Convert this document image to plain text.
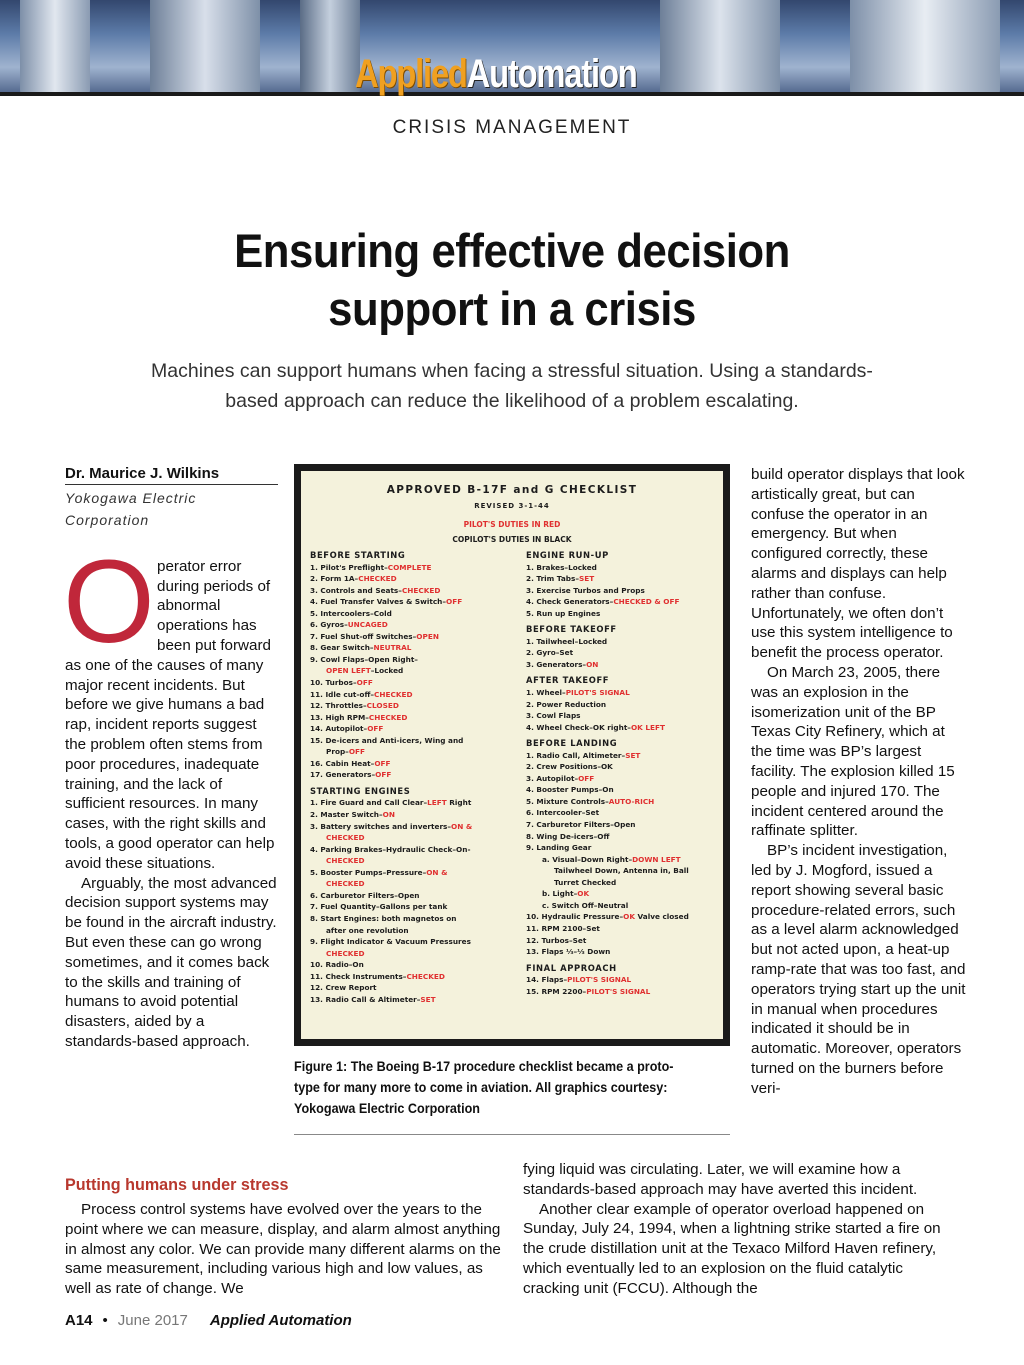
AppliedAutomation
CRISIS MANAGEMENT
Ensuring effective decision
support in a crisis
Machines can support humans when facing a stressful situation. Using a standards-
based approach can reduce the likelihood of a problem escalating.
Dr. Maurice J. Wilkins
Yokogawa Electric
Corporation
O perator error during periods of abnormal operations has been put forward as one of the causes of many major recent incidents. But before we give humans a bad rap, incident reports suggest the problem often stems from poor procedures, inadequate training, and the lack of sufficient resources. In many cases, with the right skills and tools, a good operator can help avoid these situations.

Arguably, the most advanced decision support systems may be found in the aircraft industry. But even these can go wrong sometimes, and it comes back to the skills and training of humans to avoid potential disasters, aided by a standards-based approach.

APPROVED B-17F and G CHECKLIST
REVISED 3-1-44
PILOT'S DUTIES IN RED
COPILOT'S DUTIES IN BLACK
BEFORE STARTING
1. Pilot's Preflight–COMPLETE
2. Form 1A–CHECKED
3. Controls and Seats–CHECKED
4. Fuel Transfer Valves & Switch–OFF
5. Intercoolers–Cold
6. Gyros–UNCAGED
7. Fuel Shut-off Switches–OPEN
8. Gear Switch–NEUTRAL
9. Cowl Flaps–Open Right–
OPEN LEFT–Locked
10. Turbos–OFF
11. Idle cut-off–CHECKED
12. Throttles–CLOSED
13. High RPM–CHECKED
14. Autopilot–OFF
15. De-icers and Anti-icers, Wing and
Prop–OFF
16. Cabin Heat–OFF
17. Generators–OFF
STARTING ENGINES
1. Fire Guard and Call Clear–LEFT Right
2. Master Switch–ON
3. Battery switches and inverters–ON &
CHECKED
4. Parking Brakes–Hydraulic Check–On-
CHECKED
5. Booster Pumps–Pressure–ON &
CHECKED
6. Carburetor Filters–Open
7. Fuel Quantity–Gallons per tank
8. Start Engines: both magnetos on
after one revolution
9. Flight Indicator & Vacuum Pressures
CHECKED
10. Radio–On
11. Check Instruments–CHECKED
12. Crew Report
13. Radio Call & Altimeter–SET
ENGINE RUN-UP
1. Brakes–Locked
2. Trim Tabs–SET
3. Exercise Turbos and Props
4. Check Generators–CHECKED & OFF
5. Run up Engines
BEFORE TAKEOFF
1. Tailwheel–Locked
2. Gyro–Set
3. Generators–ON
AFTER TAKEOFF
1. Wheel–PILOT'S SIGNAL
2. Power Reduction
3. Cowl Flaps
4. Wheel Check–OK right–OK LEFT
BEFORE LANDING
1. Radio Call, Altimeter–SET
2. Crew Positions–OK
3. Autopilot–OFF
4. Booster Pumps–On
5. Mixture Controls–AUTO-RICH
6. Intercooler–Set
7. Carburetor Filters–Open
8. Wing De-icers–Off
9. Landing Gear
a. Visual–Down Right–DOWN LEFT
Tailwheel Down, Antenna in, Ball
Turret Checked
b. Light–OK
c. Switch Off–Neutral
10. Hydraulic Pressure–OK Valve closed
11. RPM 2100–Set
12. Turbos–Set
13. Flaps ⅓–⅓ Down
FINAL APPROACH
14. Flaps–PILOT'S SIGNAL
15. RPM 2200–PILOT'S SIGNAL
Figure 1: The Boeing B-17 procedure checklist became a proto-
type for many more to come in aviation. All graphics courtesy:
Yokogawa Electric Corporation

build operator displays that look artistically great, but can confuse the operator in an emergency. But when configured correctly, these alarms and displays can help rather than confuse. Unfortunately, we often don’t use this system intelligence to benefit the process operator.

On March 23, 2005, there was an explosion in the isomerization unit of the BP Texas City Refinery, which at the time was BP’s largest facility. The explosion killed 15 people and injured 170. The incident centered around the raffinate splitter.

BP’s incident investigation, led by J. Mogford, issued a report showing several basic procedure-related errors, such as a level alarm acknowledged but not acted upon, a heat-up ramp-rate that was too fast, and operators trying start up the unit in manual when procedures indicated it should be in automatic. Moreover, operators turned on the burners before veri-

Putting humans under stress

Process control systems have evolved over the years to the point where we can measure, display, and alarm almost anything in almost any color. We can provide many different alarms on the same measurement, including various high and low values, as well as rate of change. We

fying liquid was circulating. Later, we will examine how a standards-based approach may have averted this incident.

Another clear example of operator overload happened on Sunday, July 24, 1994, when a lightning strike started a fire on the crude distillation unit at the Texaco Milford Haven refinery, which eventually led to an explosion on the fluid catalytic cracking unit (FCCU). Although the

A14 • June 2017 Applied Automation
